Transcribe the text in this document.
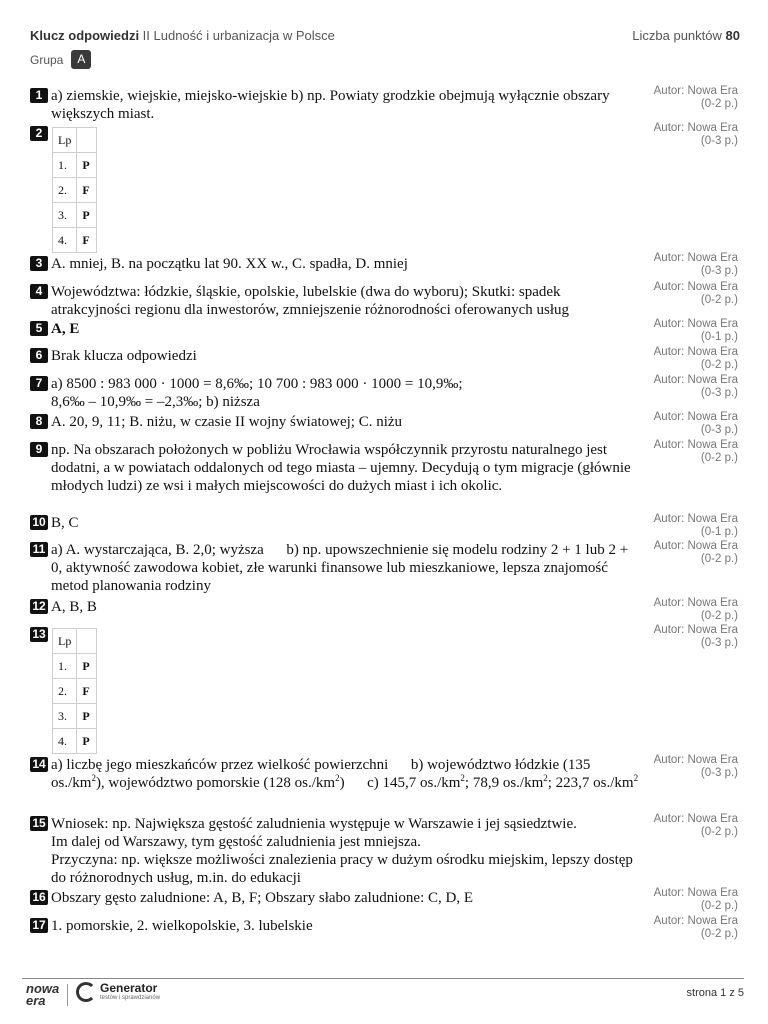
Klucz odpowiedzi II Ludność i urbanizacja w Polsce	Liczba punktów 80
Grupa	A
1 a) ziemskie, wiejskie, miejsko-wiejskie b) np. Powiaty grodzkie obejmują wyłącznie obszary większych miast.
Autor: Nowa Era
(0-2 p.)
2	Lp	
1.	P
2.	F
3.	P
4.	F
Autor: Nowa Era
(0-3 p.)
3 A. mniej, B. na początku lat 90. XX w., C. spadła, D. mniej	Autor: Nowa Era
(0-3 p.)
4 Województwa: łódzkie, śląskie, opolskie, lubelskie (dwa do wyboru); Skutki: spadek atrakcyjności regionu dla inwestorów, zmniejszenie różnorodności oferowanych usług
Autor: Nowa Era
(0-2 p.)
5 A, E	Autor: Nowa Era
(0-1 p.)
6 Brak klucza odpowiedzi	Autor: Nowa Era
(0-2 p.)
7 a) 8500 : 983 000 · 1000 = 8,6‰; 10 700 : 983 000 · 1000 = 10,9‰;
8,6‰ – 10,9‰ = –2,3‰; b) niższa
Autor: Nowa Era
(0-3 p.)
8 A. 20, 9, 11; B. niżu, w czasie II wojny światowej; C. niżu	Autor: Nowa Era
(0-3 p.)
9 np. Na obszarach położonych w pobliżu Wrocławia współczynnik przyrostu naturalnego jest dodatni, a w powiatach oddalonych od tego miasta – ujemny. Decydują o tym migracje (głównie młodych ludzi) ze wsi i małych miejscowości do dużych miast i ich okolic.
Autor: Nowa Era
(0-2 p.)
10 B, C	Autor: Nowa Era
(0-1 p.)
11 a) A. wystarczająca, B. 2,0; wyższa      b) np. upowszechnienie się modelu rodziny 2 + 1 lub 2 + 0, aktywność zawodowa kobiet, złe warunki finansowe lub mieszkaniowe, lepsza znajomość metod planowania rodziny
Autor: Nowa Era
(0-2 p.)
12 A, B, B	Autor: Nowa Era
(0-2 p.)
13 Lp	
1.	P
2.	F
3.	P
4.	P
Autor: Nowa Era
(0-3 p.)
14 a) liczbę jego mieszkańców przez wielkość powierzchni b) województwo łódzkie (135 $os./km^2$), województwo pomorskie (128 $os./km^2$)      c) 145,7 $os./km^2$; 78,9 $os./km^2$; 223,7 $os./km^2$
Autor: Nowa Era
(0-3 p.)
15 Wniosek: np. Największa gęstość zaludnienia występuje w Warszawie i jej sąsiedztwie.
Im dalej od Warszawy, tym gęstość zaludnienia jest mniejsza.
Przyczyna: np. większe możliwości znalezienia pracy w dużym ośrodku miejskim, lepszy dostęp do różnorodnych usług, m.in. do edukacji
Autor: Nowa Era
(0-2 p.)
16 Obszary gęsto zaludnione: A, B, F; Obszary słabo zaludnione: C, D, E	Autor: Nowa Era
(0-2 p.)
17 1. pomorskie, 2. wielkopolskie, 3. lubelskie	Autor: Nowa Era
(0-2 p.)
nowa
era
Generator
testów i sprawdzianów	strona 1 z 5
